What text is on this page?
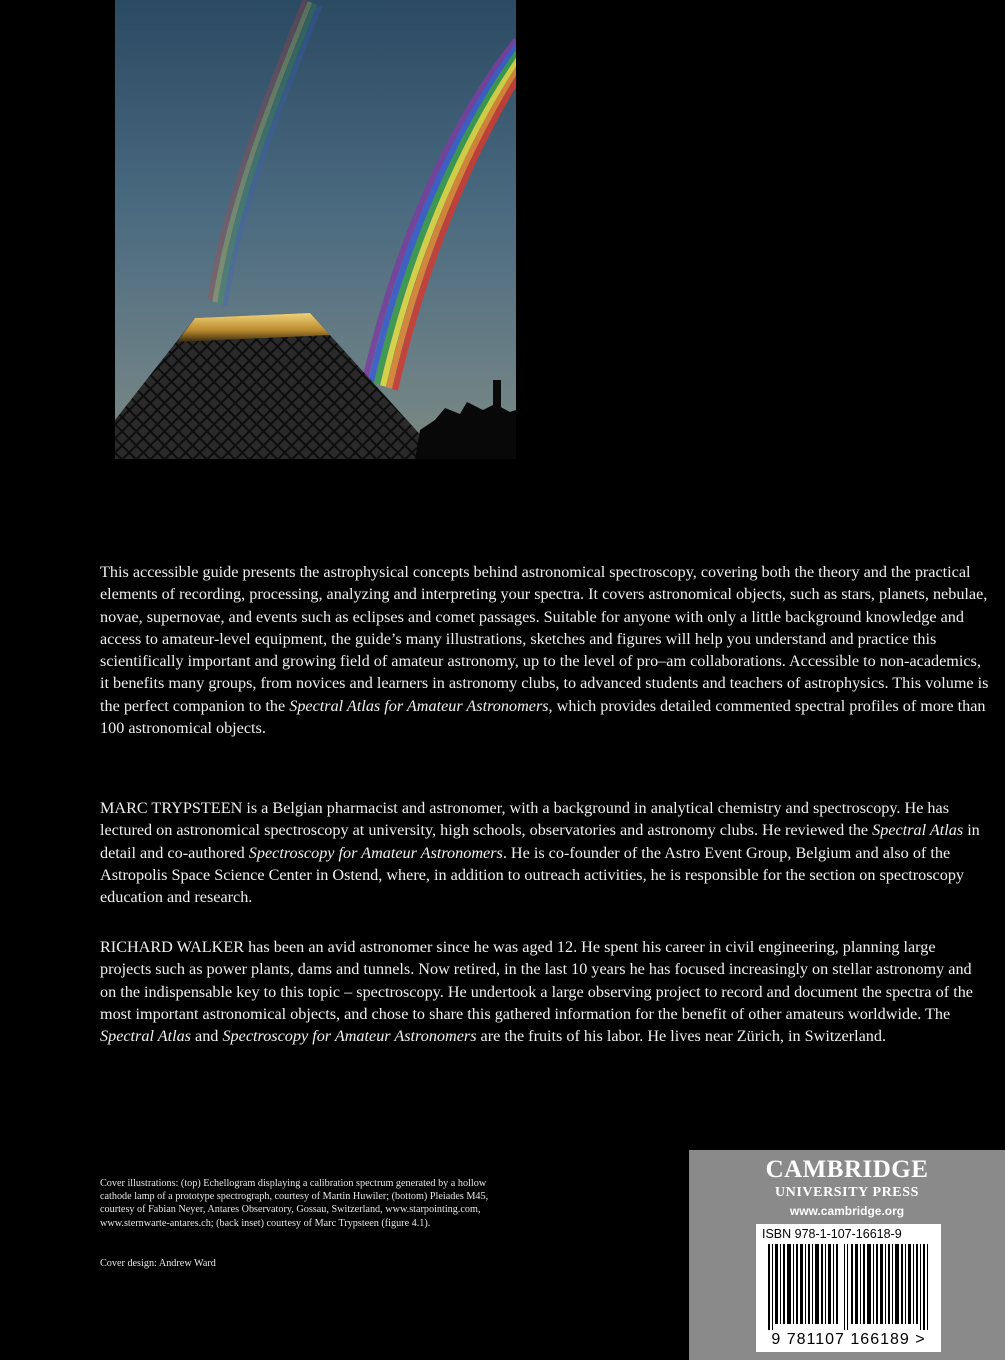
This accessible guide presents the astrophysical concepts behind astronomical spectroscopy, covering both the theory and the practical elements of recording, processing, analyzing and interpreting your spectra. It covers astronomical objects, such as stars, planets, nebulae, novae, supernovae, and events such as eclipses and comet passages. Suitable for anyone with only a little background knowledge and access to amateur-level equipment, the guide’s many illustrations, sketches and figures will help you understand and practice this scientifically important and growing field of amateur astronomy, up to the level of pro–am collaborations. Accessible to non-academics, it benefits many groups, from novices and learners in astronomy clubs, to advanced students and teachers of astrophysics. This volume is the perfect companion to the Spectral Atlas for Amateur Astronomers, which provides detailed commented spectral profiles of more than 100 astronomical objects.

MARC TRYPSTEEN is a Belgian pharmacist and astronomer, with a background in analytical chemistry and spectroscopy. He has lectured on astronomical spectroscopy at university, high schools, observatories and astronomy clubs. He reviewed the Spectral Atlas in detail and co-authored Spectroscopy for Amateur Astronomers. He is co-founder of the Astro Event Group, Belgium and also of the Astropolis Space Science Center in Ostend, where, in addition to outreach activities, he is responsible for the section on spectroscopy education and research.

RICHARD WALKER has been an avid astronomer since he was aged 12. He spent his career in civil engineering, planning large projects such as power plants, dams and tunnels. Now retired, in the last 10 years he has focused increasingly on stellar astronomy and on the indispensable key to this topic – spectroscopy. He undertook a large observing project to record and document the spectra of the most important astronomical objects, and chose to share this gathered information for the benefit of other amateurs worldwide. The Spectral Atlas and Spectroscopy for Amateur Astronomers are the fruits of his labor. He lives near Zürich, in Switzerland.

Cover illustrations: (top) Echellogram displaying a calibration spectrum generated by a hollow cathode lamp of a prototype spectrograph, courtesy of Martin Huwiler; (bottom) Pleiades M45, courtesy of Fabian Neyer, Antares Observatory, Gossau, Switzerland, www.starpointing.com, www.sternwarte-antares.ch; (back inset) courtesy of Marc Trypsteen (figure 4.1).

Cover design: Andrew Ward

CAMBRIDGE
UNIVERSITY PRESS
www.cambridge.org
ISBN 978-1-107-16618-9
9 781107 166189 >
